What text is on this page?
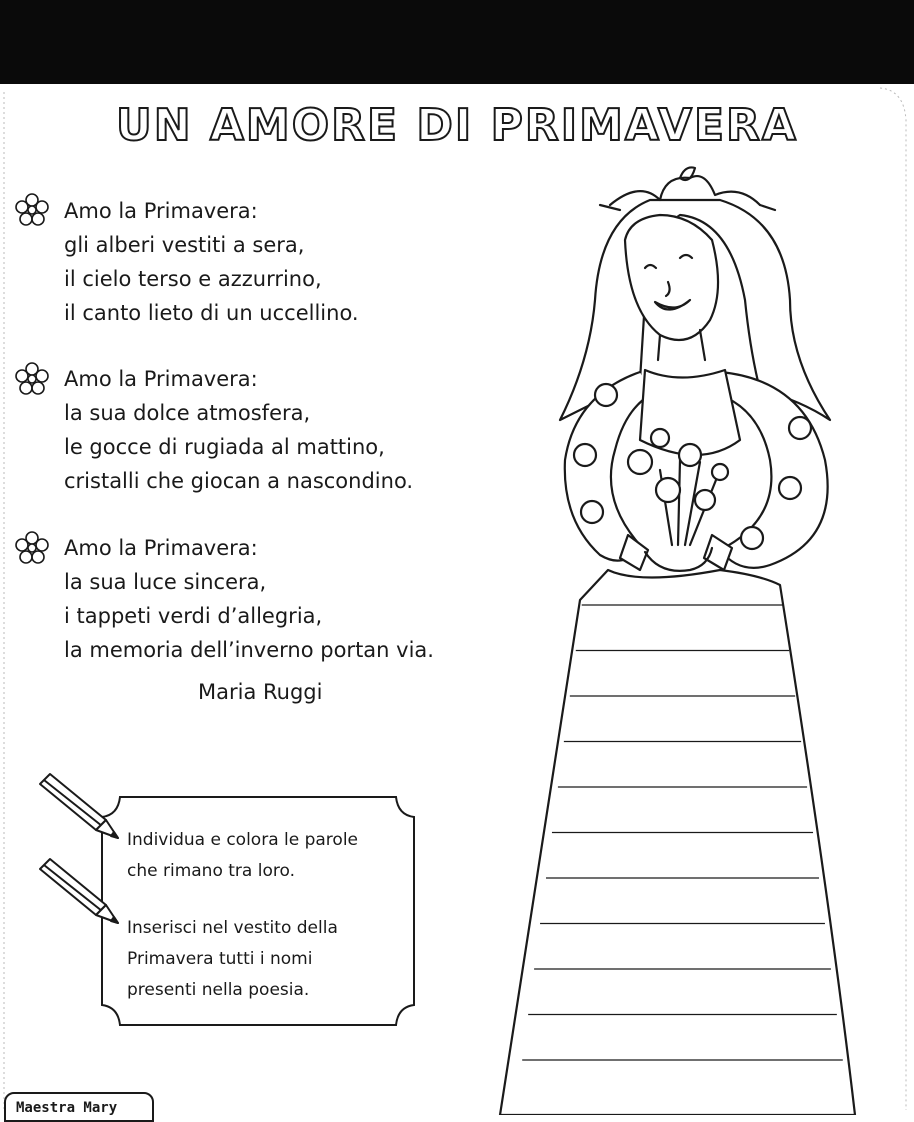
UN AMORE DI PRIMAVERA
Amo la Primavera:
gli alberi vestiti a sera,
il cielo terso e azzurrino,
il canto lieto di un uccellino.
Amo la Primavera:
la sua dolce atmosfera,
le gocce di rugiada al mattino,
cristalli che giocan a nascondino.
Amo la Primavera:
la sua luce sincera,
i tappeti verdi d’allegria,
la memoria dell’inverno portan via.
Maria Ruggi
Individua e colora le parole
che rimano tra loro.
Inserisci nel vestito della
Primavera tutti i nomi
presenti nella poesia.
Maestra Mary
